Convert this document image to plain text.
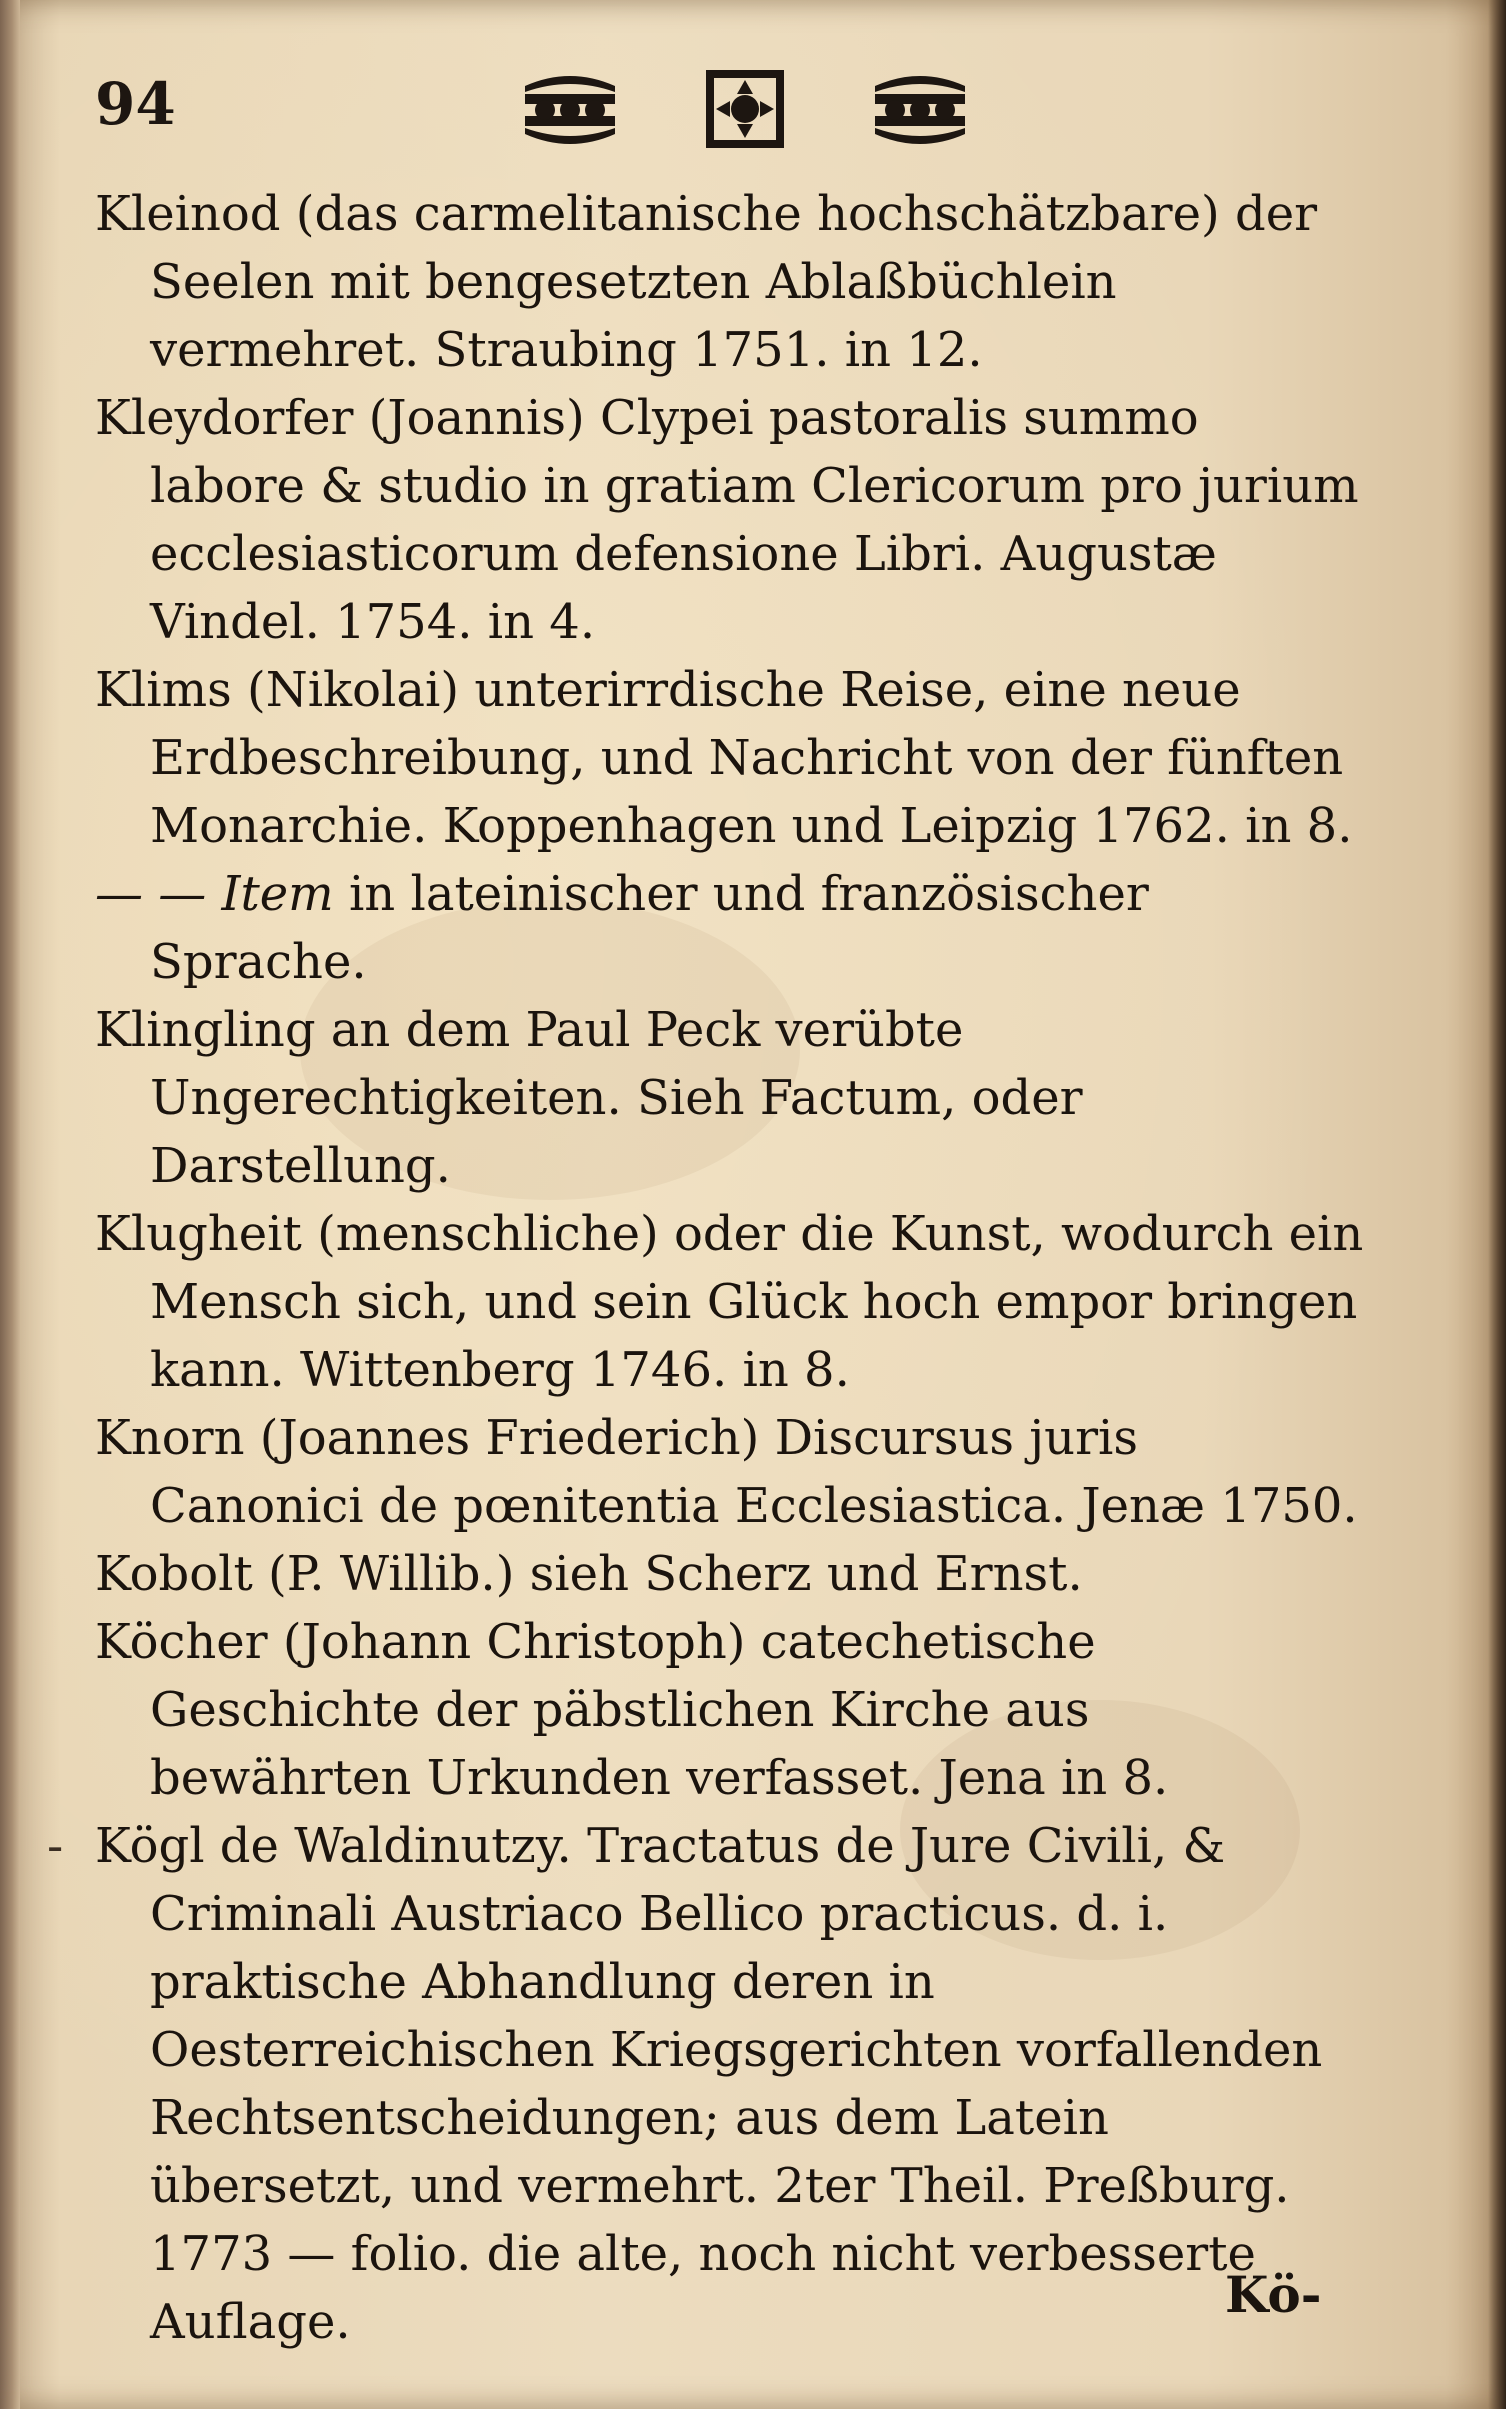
94

Kleinod (das carmelitanische hochschätzbare) der Seelen mit bengesetzten Ablaßbüchlein vermehret. Straubing 1751. in 12.

Kleydorfer (Joannis) Clypei pastoralis summo labore & studio in gratiam Clericorum pro jurium ecclesiasticorum defensione Libri. Augustæ Vindel. 1754. in 4.

Klims (Nikolai) unterirrdische Reise, eine neue Erdbeschreibung, und Nachricht von der fünften Monarchie. Koppenhagen und Leipzig 1762. in 8.

— — Item in lateinischer und französischer Sprache.

Klingling an dem Paul Peck verübte Ungerechtigkeiten. Sieh Factum, oder Darstellung.

Klugheit (menschliche) oder die Kunst, wodurch ein Mensch sich, und sein Glück hoch empor bringen kann. Wittenberg 1746. in 8.

Knorn (Joannes Friederich) Discursus juris Canonici de pœnitentia Ecclesiastica. Jenæ 1750.

Kobolt (P. Willib.) sieh Scherz und Ernst.

Köcher (Johann Christoph) catechetische Geschichte der päbstlichen Kirche aus bewährten Urkunden verfasset. Jena in 8.

- Kögl de Waldinutzy. Tractatus de Jure Civili, & Criminali Austriaco Bellico practicus. d. i. praktische Abhandlung deren in Oesterreichischen Kriegsgerichten vorfallenden Rechtsentscheidungen; aus dem Latein übersetzt, und vermehrt. 2ter Theil. Preßburg. 1773 — folio. die alte, noch nicht verbesserte Auflage.	Kö-
